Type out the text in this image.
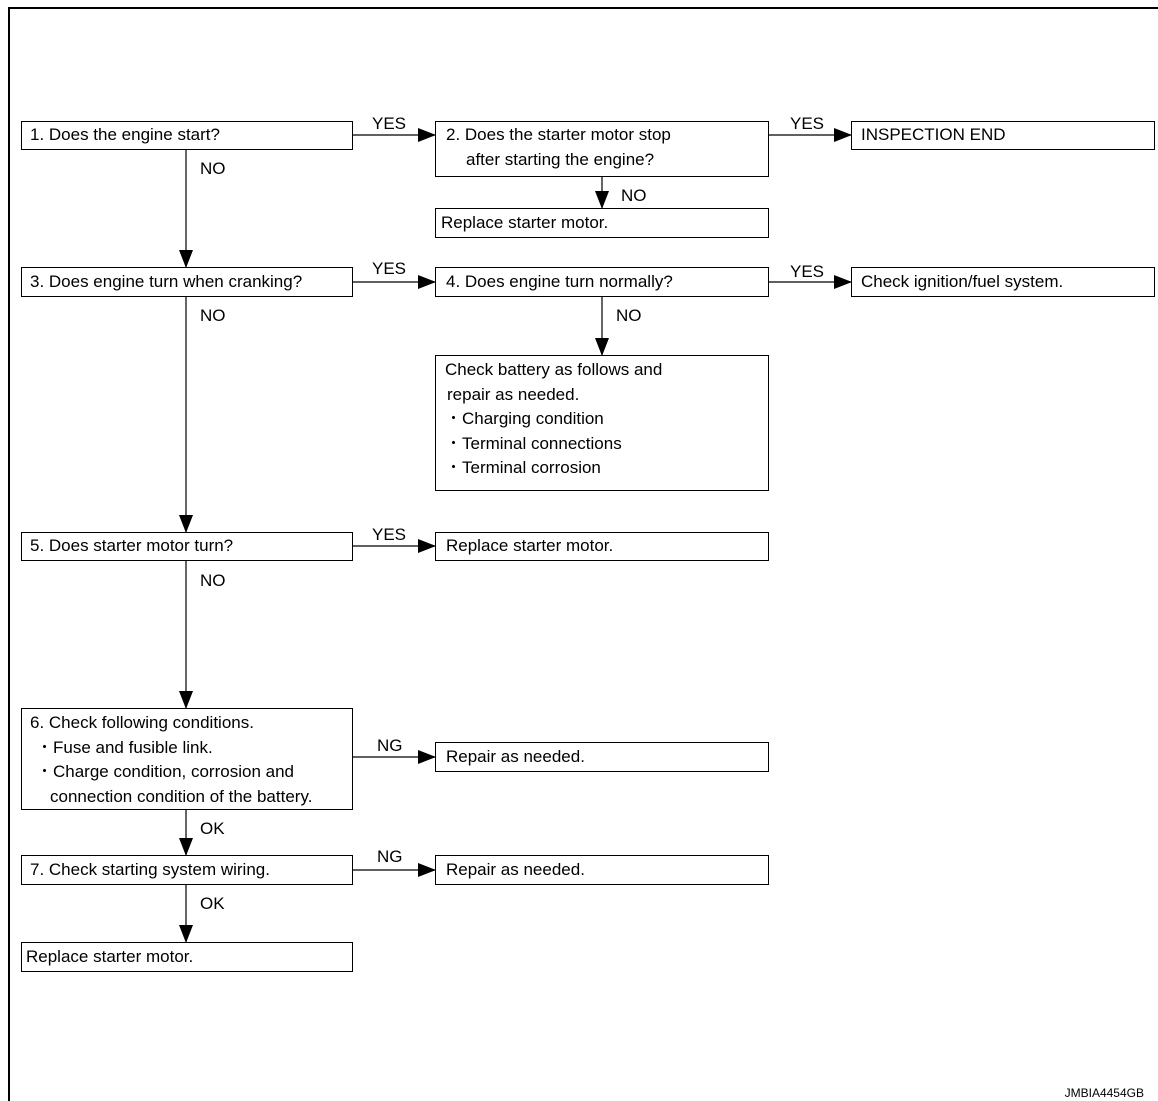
1. Does the engine start?	2. Does the starter motor stop
after starting the engine?
INSPECTION END
Replace starter motor.
3. Does engine turn when cranking?	4. Does engine turn normally?	Check ignition/fuel system.
Check battery as follows and
repair as needed.
・Charging condition
・Terminal connections
・Terminal corrosion
5. Does starter motor turn?	Replace starter motor.
6. Check following conditions.
・Fuse and fusible link.
・Charge condition, corrosion and
connection condition of the battery.
Repair as needed.
7. Check starting system wiring.	Repair as needed.
Replace starter motor.
YES	YES
NO
NO
YES	YES
NO	NO
YES
NO
NG
OK
NG
OK
JMBIA4454GB
